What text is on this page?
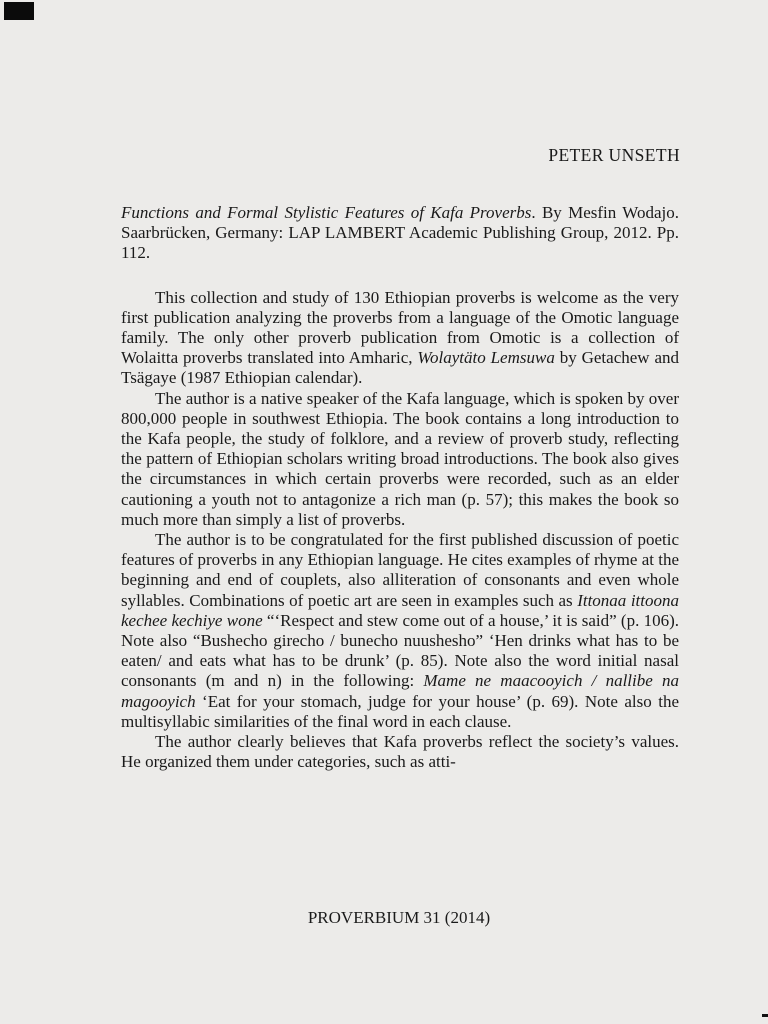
PETER UNSETH

Functions and Formal Stylistic Features of Kafa Proverbs. By Mesfin Wodajo. Saarbrücken, Germany: LAP LAMBERT Academic Publishing Group, 2012. Pp. 112.

This collection and study of 130 Ethiopian proverbs is welcome as the very first publication analyzing the proverbs from a language of the Omotic language family. The only other proverb publication from Omotic is a collection of Wolaitta proverbs translated into Amharic, Wolaytäto Lemsuwa by Getachew and Tsägaye (1987 Ethiopian calendar).

The author is a native speaker of the Kafa language, which is spoken by over 800,000 people in southwest Ethiopia. The book contains a long introduction to the Kafa people, the study of folklore, and a review of proverb study, reflecting the pattern of Ethiopian scholars writing broad introductions. The book also gives the circumstances in which certain proverbs were recorded, such as an elder cautioning a youth not to antagonize a rich man (p. 57); this makes the book so much more than simply a list of proverbs.

The author is to be congratulated for the first published discussion of poetic features of proverbs in any Ethiopian language. He cites examples of rhyme at the beginning and end of couplets, also alliteration of consonants and even whole syllables. Combinations of poetic art are seen in examples such as Ittonaa ittoona kechee kechiye wone “‘Respect and stew come out of a house,’ it is said” (p. 106). Note also “Bushecho girecho / bunecho nuushesho” ‘Hen drinks what has to be eaten/ and eats what has to be drunk’ (p. 85). Note also the word initial nasal consonants (m and n) in the following: Mame ne maacooyich / nallibe na magooyich ‘Eat for your stomach, judge for your house’ (p. 69). Note also the multisyllabic similarities of the final word in each clause.

The author clearly believes that Kafa proverbs reflect the society’s values. He organized them under categories, such as atti-

PROVERBIUM 31 (2014)
